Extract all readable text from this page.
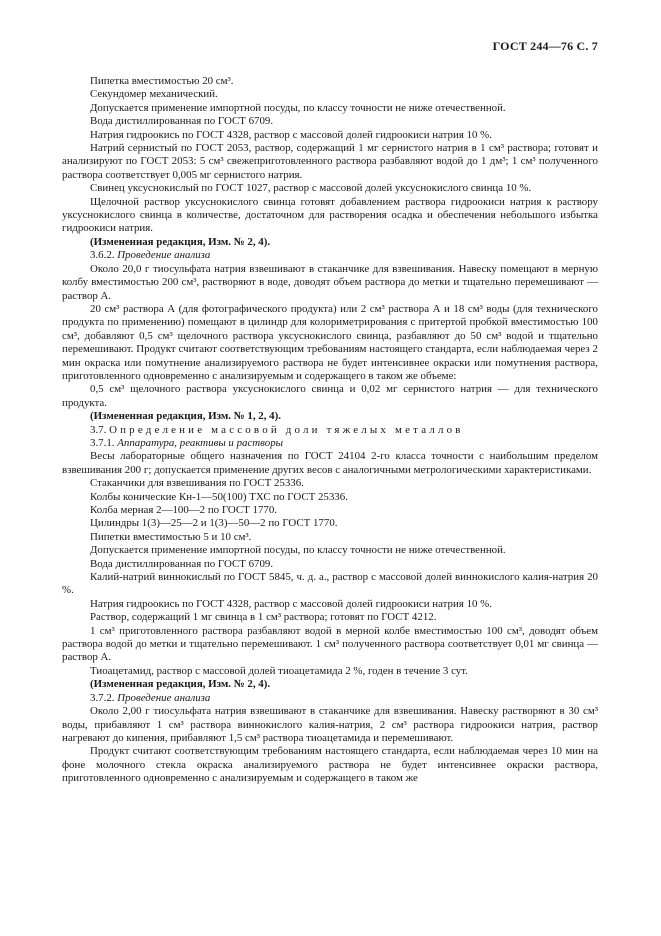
ГОСТ 244—76 С. 7

Пипетка вместимостью 20 см³.

Секундомер механический.

Допускается применение импортной посуды, по классу точности не ниже отечественной.

Вода дистиллированная по ГОСТ 6709.

Натрия гидроокись по ГОСТ 4328, раствор с массовой долей гидроокиси натрия 10 %.

Натрий сернистый по ГОСТ 2053, раствор, содержащий 1 мг сернистого натрия в 1 см³ раствора; готовят и анализируют по ГОСТ 2053: 5 см³ свежеприготовленного раствора разбавляют водой до 1 дм³; 1 см³ полученного раствора соответствует 0,005 мг сернистого натрия.

Свинец уксуснокислый по ГОСТ 1027, раствор с массовой долей уксуснокислого свинца 10 %.

Щелочной раствор уксуснокислого свинца готовят добавлением раствора гидроокиси натрия к раствору уксуснокислого свинца в количестве, достаточном для растворения осадка и обеспечения небольшого избытка гидроокиси натрия.

(Измененная редакция, Изм. № 2, 4).

3.6.2. Проведение анализа

Около 20,0 г тиосульфата натрия взвешивают в стаканчике для взвешивания. Навеску помещают в мерную колбу вместимостью 200 см³, растворяют в воде, доводят объем раствора до метки и тщательно перемешивают — раствор А.

20 см³ раствора А (для фотографического продукта) или 2 см³ раствора А и 18 см³ воды (для технического продукта по применению) помещают в цилиндр для колориметрирования с притертой пробкой вместимостью 100 см³, добавляют 0,5 см³ щелочного раствора уксуснокислого свинца, разбавляют до 50 см³ водой и тщательно перемешивают. Продукт считают соответствующим требованиям настоящего стандарта, если наблюдаемая через 2 мин окраска или помутнение анализируемого раствора не будет интенсивнее окраски или помутнения раствора, приготовленного одновременно с анализируемым и содержащего в таком же объеме:

0,5 см³ щелочного раствора уксуснокислого свинца и 0,02 мг сернистого натрия — для технического продукта.

(Измененная редакция, Изм. № 1, 2, 4).

3.7. Определение массовой доли тяжелых металлов

3.7.1. Аппаратура, реактивы и растворы

Весы лабораторные общего назначения по ГОСТ 24104 2-го класса точности с наибольшим пределом взвешивания 200 г; допускается применение других весов с аналогичными метрологическими характеристиками.

Стаканчики для взвешивания по ГОСТ 25336.

Колбы конические Кн-1—50(100) ТХС по ГОСТ 25336.

Колба мерная 2—100—2 по ГОСТ 1770.

Цилиндры 1(3)—25—2 и 1(3)—50—2 по ГОСТ 1770.

Пипетки вместимостью 5 и 10 см³.

Допускается применение импортной посуды, по классу точности не ниже отечественной.

Вода дистиллированная по ГОСТ 6709.

Калий-натрий виннокислый по ГОСТ 5845, ч. д. а., раствор с массовой долей виннокислого калия-натрия 20 %.

Натрия гидроокись по ГОСТ 4328, раствор с массовой долей гидроокиси натрия 10 %.

Раствор, содержащий 1 мг свинца в 1 см³ раствора; готовят по ГОСТ 4212.

1 см³ приготовленного раствора разбавляют водой в мерной колбе вместимостью 100 см³, доводят объем раствора водой до метки и тщательно перемешивают. 1 см³ полученного раствора соответствует 0,01 мг свинца — раствор А.

Тиоацетамид, раствор с массовой долей тиоацетамида 2 %, годен в течение 3 сут.

(Измененная редакция, Изм. № 2, 4).

3.7.2. Проведение анализа

Около 2,00 г тиосульфата натрия взвешивают в стаканчике для взвешивания. Навеску растворяют в 30 см³ воды, прибавляют 1 см³ раствора виннокислого калия-натрия, 2 см³ раствора гидроокиси натрия, раствор нагревают до кипения, прибавляют 1,5 см³ раствора тиоацетамида и перемешивают.

Продукт считают соответствующим требованиям настоящего стандарта, если наблюдаемая через 10 мин на фоне молочного стекла окраска анализируемого раствора не будет интенсивнее окраски раствора, приготовленного одновременно с анализируемым и содержащего в таком же
